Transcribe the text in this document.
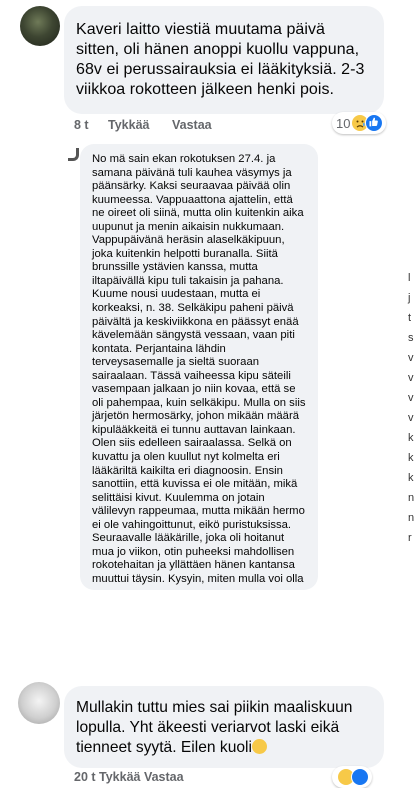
Kaveri laitto viestiä muutama päivä sitten, oli hänen anoppi kuollu vappuna, 68v ei perussairauksia ei lääkityksiä. 2-3 viikkoa rokotteen jälkeen henki pois.
8 t Tykkää Vastaa	10
No mä sain ekan rokotuksen 27.4. ja samana päivänä tuli kauhea väsymys ja päänsärky. Kaksi seuraavaa päivää olin kuumeessa. Vappuaattona ajattelin, että ne oireet oli siinä, mutta olin kuitenkin aika uupunut ja menin aikaisin nukkumaan. Vappupäivänä heräsin alaselkäkipuun, joka kuitenkin helpotti buranalla. Siitä brunssille ystävien kanssa, mutta iltapäivällä kipu tuli takaisin ja pahana. Kuume nousi uudestaan, mutta ei korkeaksi, n. 38. Selkäkipu paheni päivä päivältä ja keskiviikkona en päässyt enää kävelemään sängystä vessaan, vaan piti kontata. Perjantaina lähdin terveysasemalle ja sieltä suoraan sairaalaan. Tässä vaiheessa kipu säteili vasempaan jalkaan jo niin kovaa, että se oli pahempaa, kuin selkäkipu. Mulla on siis järjetön hermosärky, johon mikään määrä kipulääkkeitä ei tunnu auttavan lainkaan. Olen siis edelleen sairaalassa. Selkä on kuvattu ja olen kuullut nyt kolmelta eri lääkäriltä kaikilta eri diagnoosin. Ensin sanottiin, että kuvissa ei ole mitään, mikä selittäisi kivut. Kuulemma on jotain välilevyn rappeumaa, mutta mikään hermo ei ole vahingoittunut, eikö puristuksissa. Seuraavalle lääkärille, joka oli hoitanut mua jo viikon, otin puheeksi mahdollisen rokotehaitan ja yllättäen hänen kantansa muuttui täysin. Kysyin, miten mulla voi olla
l
j
t
s
v
v
v
v
k
k
k
n
n
r
Mullakin tuttu mies sai piikin maaliskuun lopulla. Yht äkeesti veriarvot laski eikä tienneet syytä. Eilen kuoli
20 t Tykkää Vastaa
